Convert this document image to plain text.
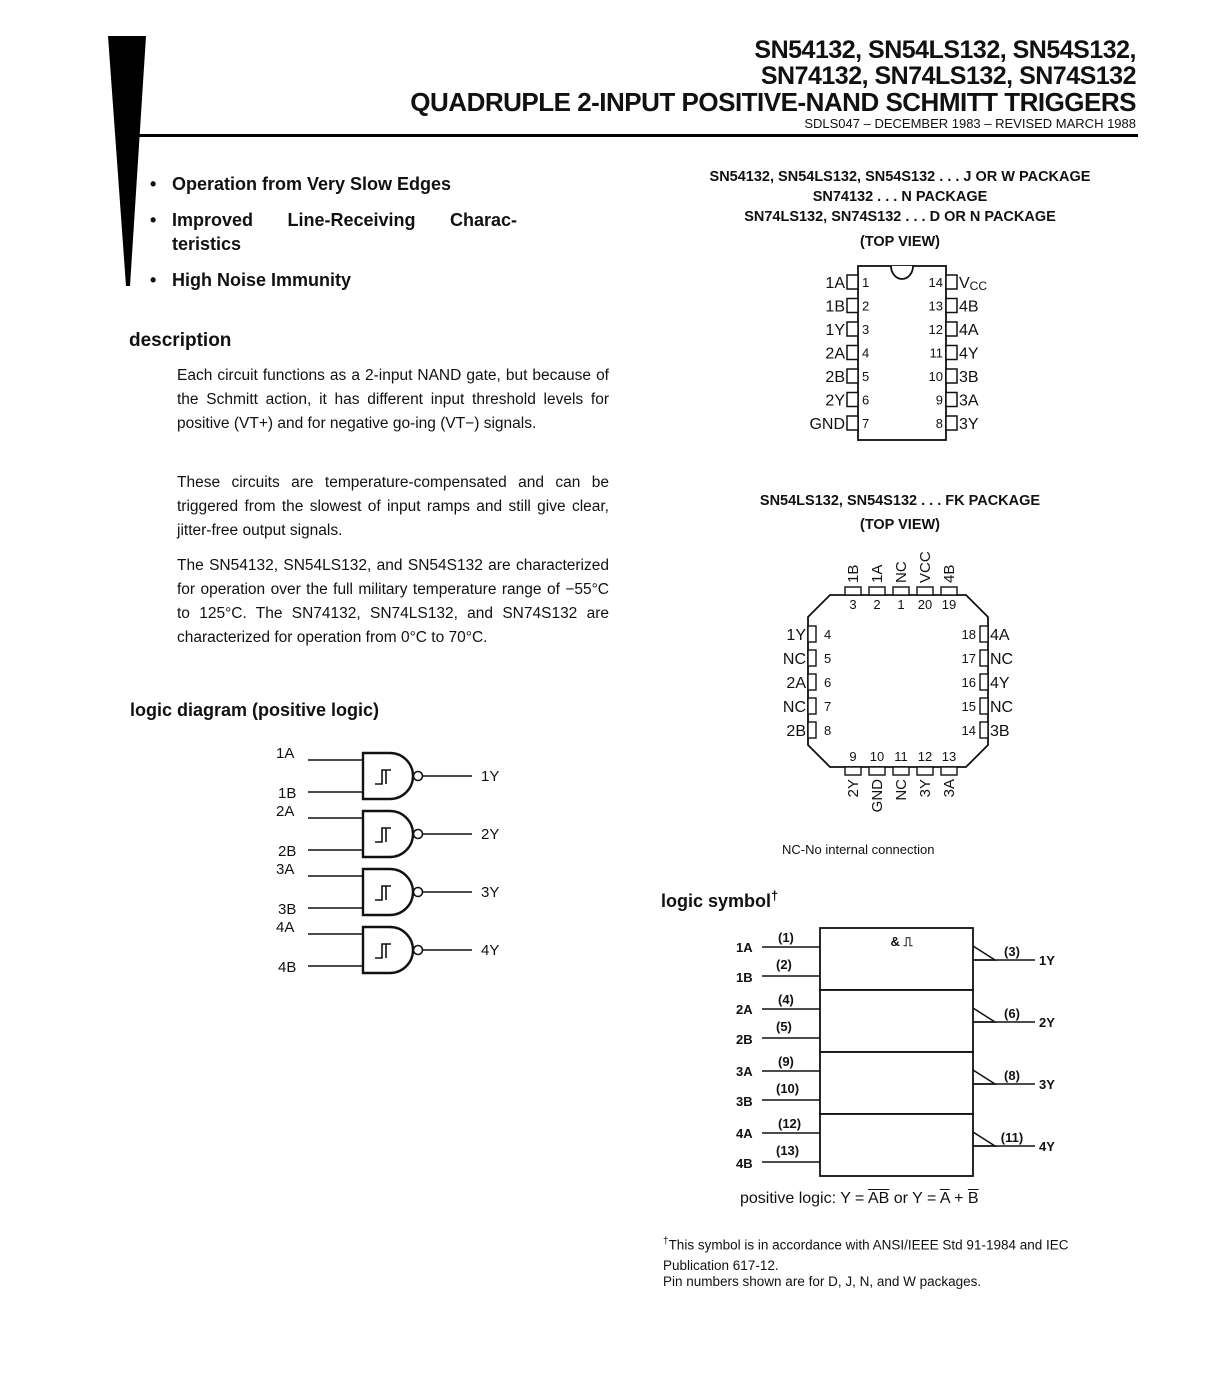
SN54132, SN54LS132, SN54S132,
SN74132, SN74LS132, SN74S132
QUADRUPLE 2-INPUT POSITIVE-NAND SCHMITT TRIGGERS
SDLS047 – DECEMBER 1983 – REVISED MARCH 1988
• Operation from Very Slow Edges
• Improved Line-Receiving Charac-teristics
• High Noise Immunity
description
Each circuit functions as a 2-input NAND gate, but because of the Schmitt action, it has different input threshold levels for positive (VT+) and for negative go-ing (VT−) signals.
These circuits are temperature-compensated and can be triggered from the slowest of input ramps and still give clear, jitter-free output signals.
The SN54132, SN54LS132, and SN54S132 are characterized for operation over the full military temperature range of −55°C to 125°C. The SN74132, SN74LS132, and SN74S132 are characterized for operation from 0°C to 70°C.
logic diagram (positive logic)
1A
1B
1Y
2A
2B
2Y
3A
3B
3Y
4A
4B
4Y
SN54132, SN54LS132, SN54S132 . . . J OR W PACKAGE
SN74132 . . . N PACKAGE
SN74LS132, SN74S132 . . . D OR N PACKAGE
(TOP VIEW)
1A 1
1B 2
1Y 3
2A 4
2B 5
2Y 6
GND 7
VCC
14
4B
13
4A
12
4Y
11
3B
10
3A
9
3Y
8
SN54LS132, SN54S132 . . . FK PACKAGE
(TOP VIEW)
3
1B
2
1A
1
NC
20
VCC
19
4B
9
2Y
10
GND
11
NC
12
3Y
13
3A
1Y 4
NC 5
2A 6
NC 7
2B 8
4A
18
NC
17
4Y
16
NC
15
3B
14
NC-No internal connection
logic symbol†
1A
1B
(1)
(2)
(3)
1Y
2A
2B
(4)
(5)
(6)
2Y
3A
3B
(9)
(10)
(8)
3Y
4A
4B
(12)
(13)
(11)
4Y
& ⎍
positive logic: $Y = \overline{AB}$ or $Y = \overline{A} + \overline{B}$
†This symbol is in accordance with ANSI/IEEE Std 91-1984 and IEC Publication 617-12.
Pin numbers shown are for D, J, N, and W packages.
